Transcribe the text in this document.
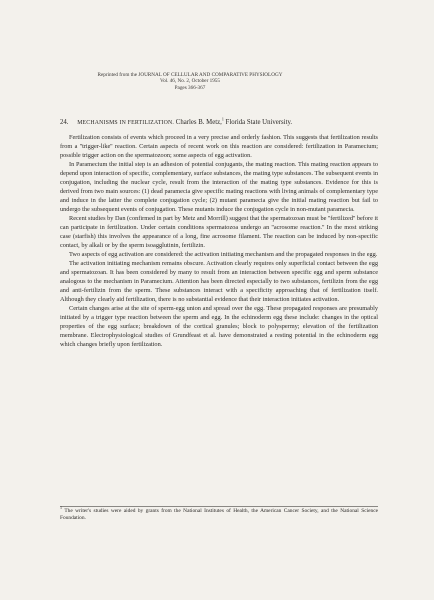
Reprinted from the JOURNAL OF CELLULAR AND COMPARATIVE PHYSIOLOGY
Vol. 46, No. 2, October 1955
Pages 366-367
24. MECHANISMS IN FERTILIZATION. Charles B. Metz,$^1$ Florida State University.

Fertilization consists of events which proceed in a very precise and orderly fashion. This suggests that fertilization results from a ''trigger-like'' reaction. Certain aspects of recent work on this reaction are considered: fertilization in Paramecium; possible trigger action on the spermatozoon; some aspects of egg activation.

In Paramecium the initial step is an adhesion of potential conjugants, the mating reaction. This mating reaction appears to depend upon interaction of specific, complementary, surface substances, the mating type substances. The subsequent events in conjugation, including the nuclear cycle, result from the interaction of the mating type substances. Evidence for this is derived from two main sources: (1) dead paramecia give specific mating reactions with living animals of complementary type and induce in the latter the complete conjugation cycle; (2) mutant paramecia give the initial mating reaction but fail to undergo the subsequent events of conjugation. These mutants induce the conjugation cycle in non-mutant paramecia.

Recent studies by Dan (confirmed in part by Metz and Morrill) suggest that the spermatozoan must be ''fertilized'' before it can participate in fertilization. Under certain conditions spermatozoa undergo an ''acrosome reaction.'' In the most striking case (starfish) this involves the appearance of a long, fine acrosome filament. The reaction can be induced by non-specific contact, by alkali or by the sperm isoagglutinin, fertilizin.

Two aspects of egg activation are considered: the activation initiating mechanism and the propagated responses in the egg.

The activation initiating mechanism remains obscure. Activation clearly requires only superficial contact between the egg and spermatozoan. It has been considered by many to result from an interaction between specific egg and sperm substance analogous to the mechanism in Paramecium. Attention has been directed especially to two substances, fertilizin from the egg and anti-fertilizin from the sperm. These substances interact with a specificity approaching that of fertilization itself. Although they clearly aid fertilization, there is no substantial evidence that their interaction initiates activation.

Certain changes arise at the site of sperm-egg union and spread over the egg. These propagated responses are presumably initiated by a trigger type reaction between the sperm and egg. In the echinoderm egg these include: changes in the optical properties of the egg surface; breakdown of the cortical granules; block to polyspermy; elevation of the fertilization membrane. Electrophysiological studies of Grundfeast et al. have demonstrated a resting potential in the echinoderm egg which changes briefly upon fertilization.

$^1$ The writer's studies were aided by grants from the National Institutes of Health, the American Cancer Society, and the National Science Foundation.
